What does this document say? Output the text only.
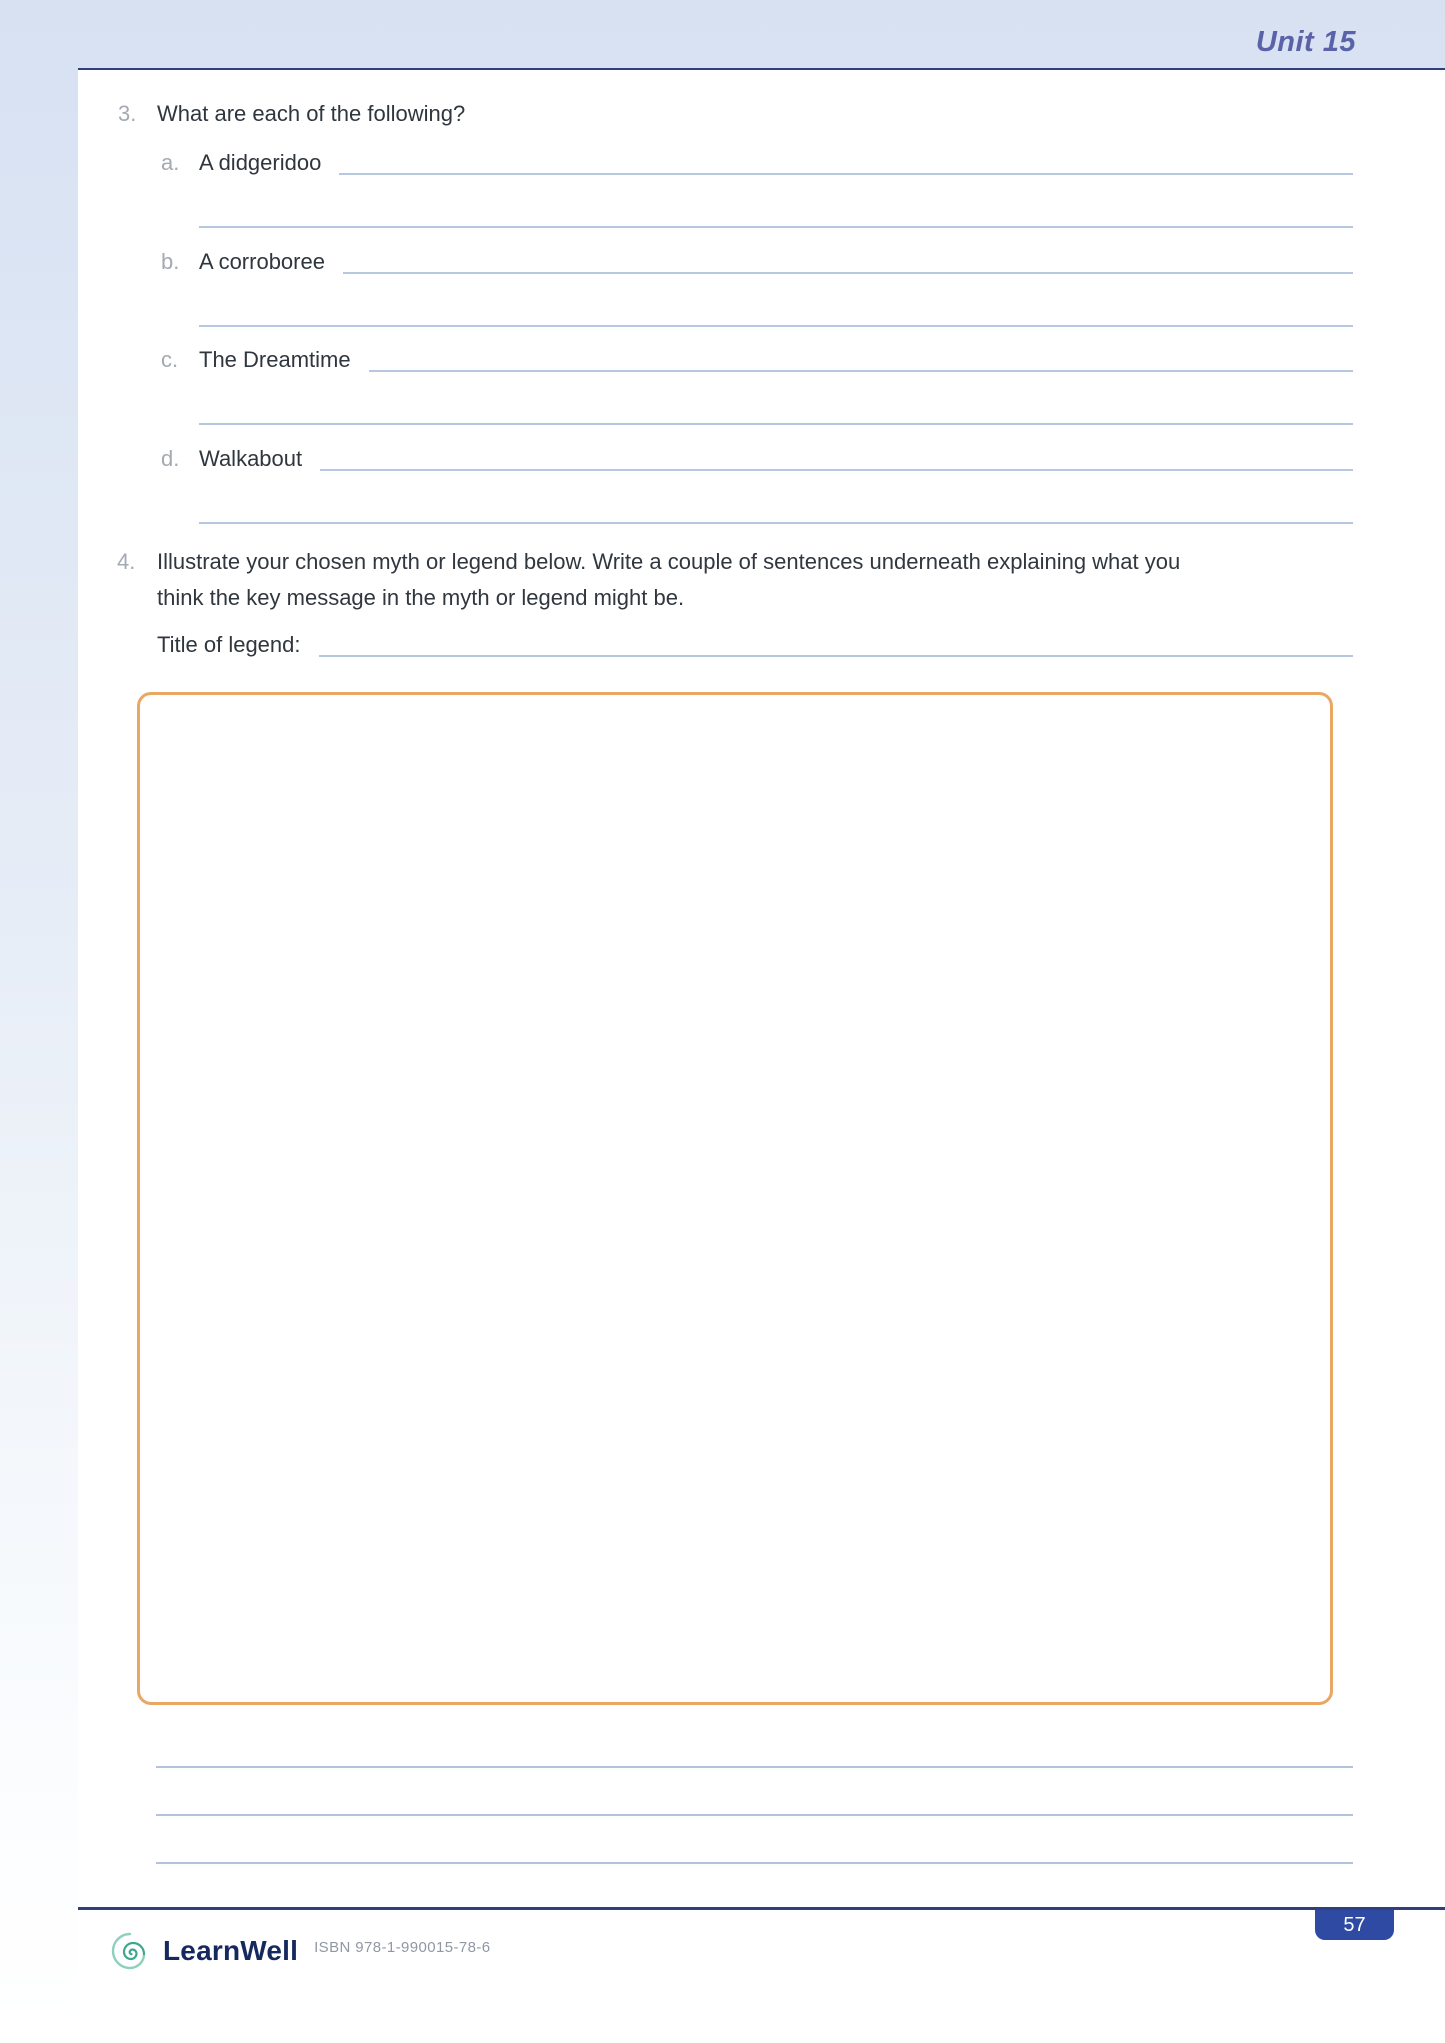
Unit 15
3. What are each of the following?
a. A didgeridoo
b. A corroboree
c. The Dreamtime
d. Walkabout
4. Illustrate your chosen myth or legend below. Write a couple of sentences underneath explaining what you
think the key message in the myth or legend might be.
Title of legend:
57
LearnWell ISBN 978-1-990015-78-6
